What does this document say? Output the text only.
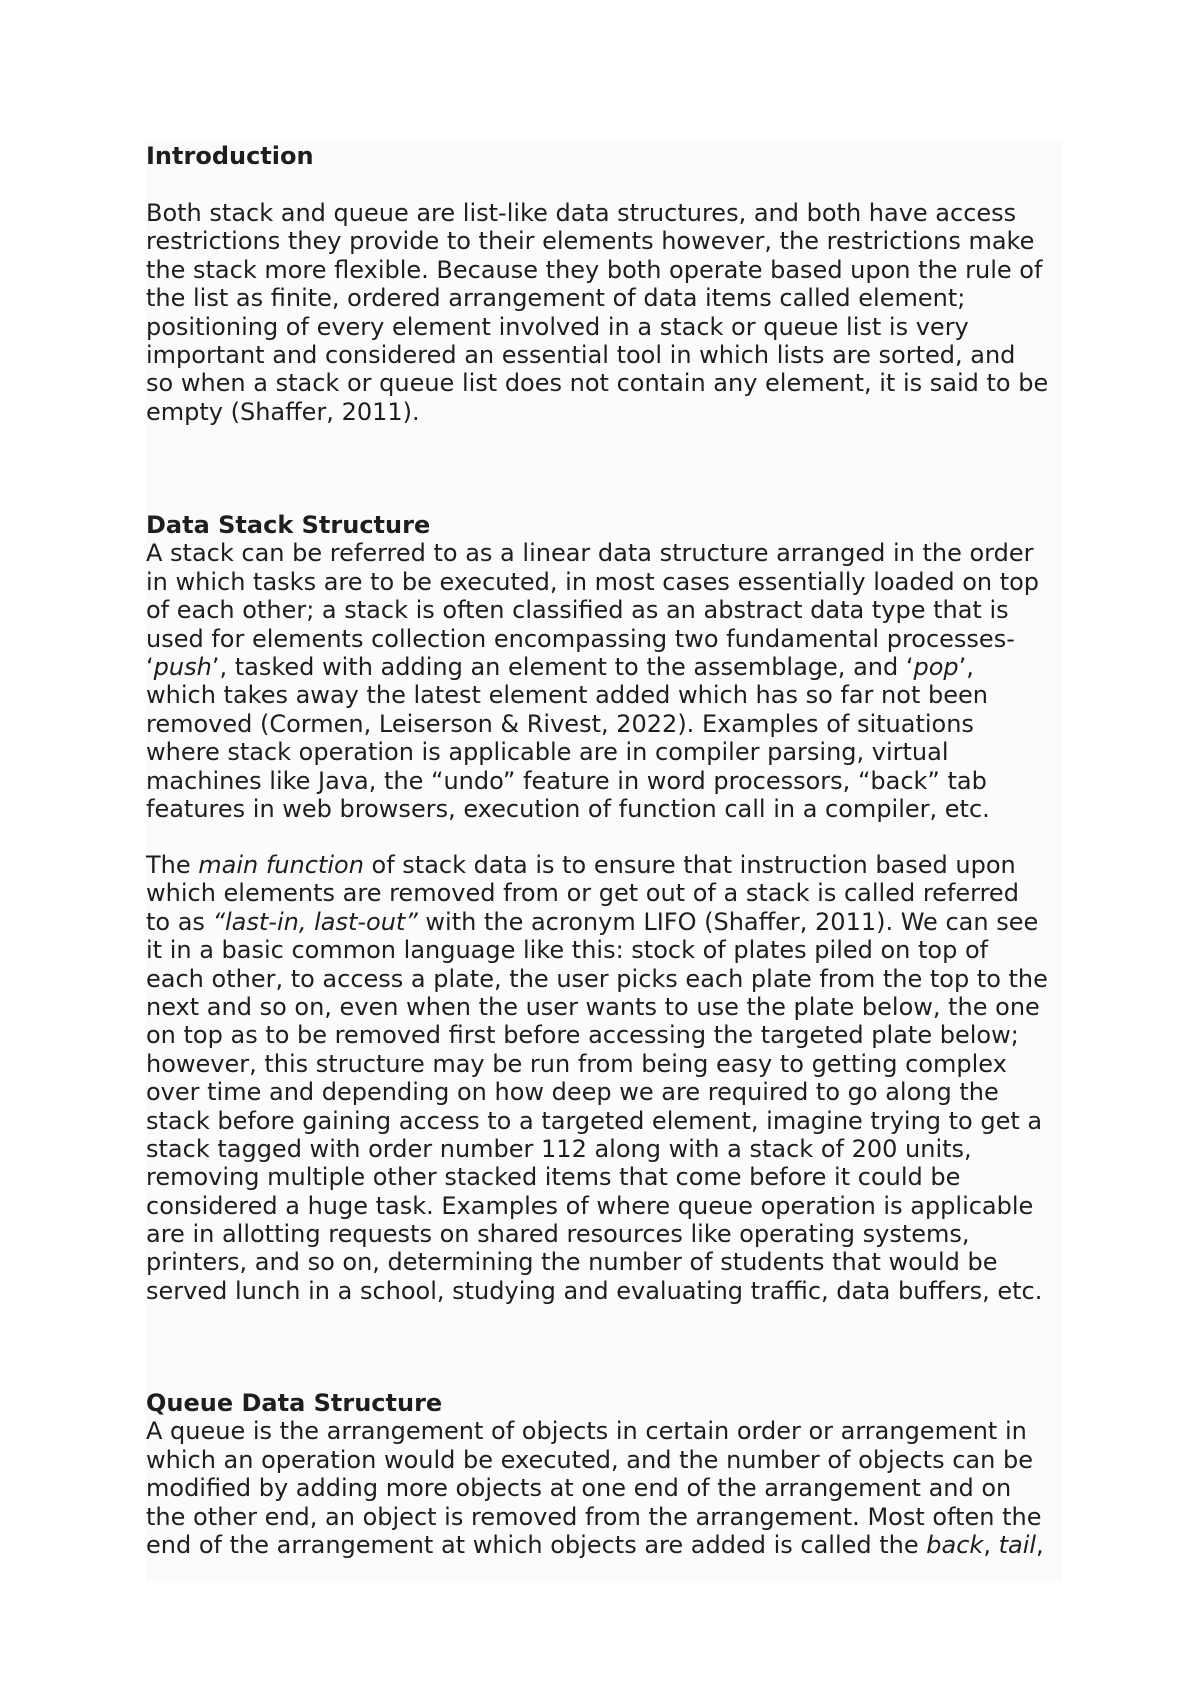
Introduction

Both stack and queue are list-like data structures, and both have access
restrictions they provide to their elements however, the restrictions make
the stack more flexible. Because they both operate based upon the rule of
the list as finite, ordered arrangement of data items called element;
positioning of every element involved in a stack or queue list is very
important and considered an essential tool in which lists are sorted, and
so when a stack or queue list does not contain any element, it is said to be
empty (Shaffer, 2011).

Data Stack Structure
A stack can be referred to as a linear data structure arranged in the order
in which tasks are to be executed, in most cases essentially loaded on top
of each other; a stack is often classified as an abstract data type that is
used for elements collection encompassing two fundamental processes-
‘push’, tasked with adding an element to the assemblage, and ‘pop’,
which takes away the latest element added which has so far not been
removed (Cormen, Leiserson & Rivest, 2022). Examples of situations
where stack operation is applicable are in compiler parsing, virtual
machines like Java, the “undo” feature in word processors, “back” tab
features in web browsers, execution of function call in a compiler, etc.

The main function of stack data is to ensure that instruction based upon
which elements are removed from or get out of a stack is called referred
to as “last-in, last-out” with the acronym LIFO (Shaffer, 2011). We can see
it in a basic common language like this: stock of plates piled on top of
each other, to access a plate, the user picks each plate from the top to the
next and so on, even when the user wants to use the plate below, the one
on top as to be removed first before accessing the targeted plate below;
however, this structure may be run from being easy to getting complex
over time and depending on how deep we are required to go along the
stack before gaining access to a targeted element, imagine trying to get a
stack tagged with order number 112 along with a stack of 200 units,
removing multiple other stacked items that come before it could be
considered a huge task. Examples of where queue operation is applicable
are in allotting requests on shared resources like operating systems,
printers, and so on, determining the number of students that would be
served lunch in a school, studying and evaluating traffic, data buffers, etc.

Queue Data Structure
A queue is the arrangement of objects in certain order or arrangement in
which an operation would be executed, and the number of objects can be
modified by adding more objects at one end of the arrangement and on
the other end, an object is removed from the arrangement. Most often the
end of the arrangement at which objects are added is called the back, tail,
